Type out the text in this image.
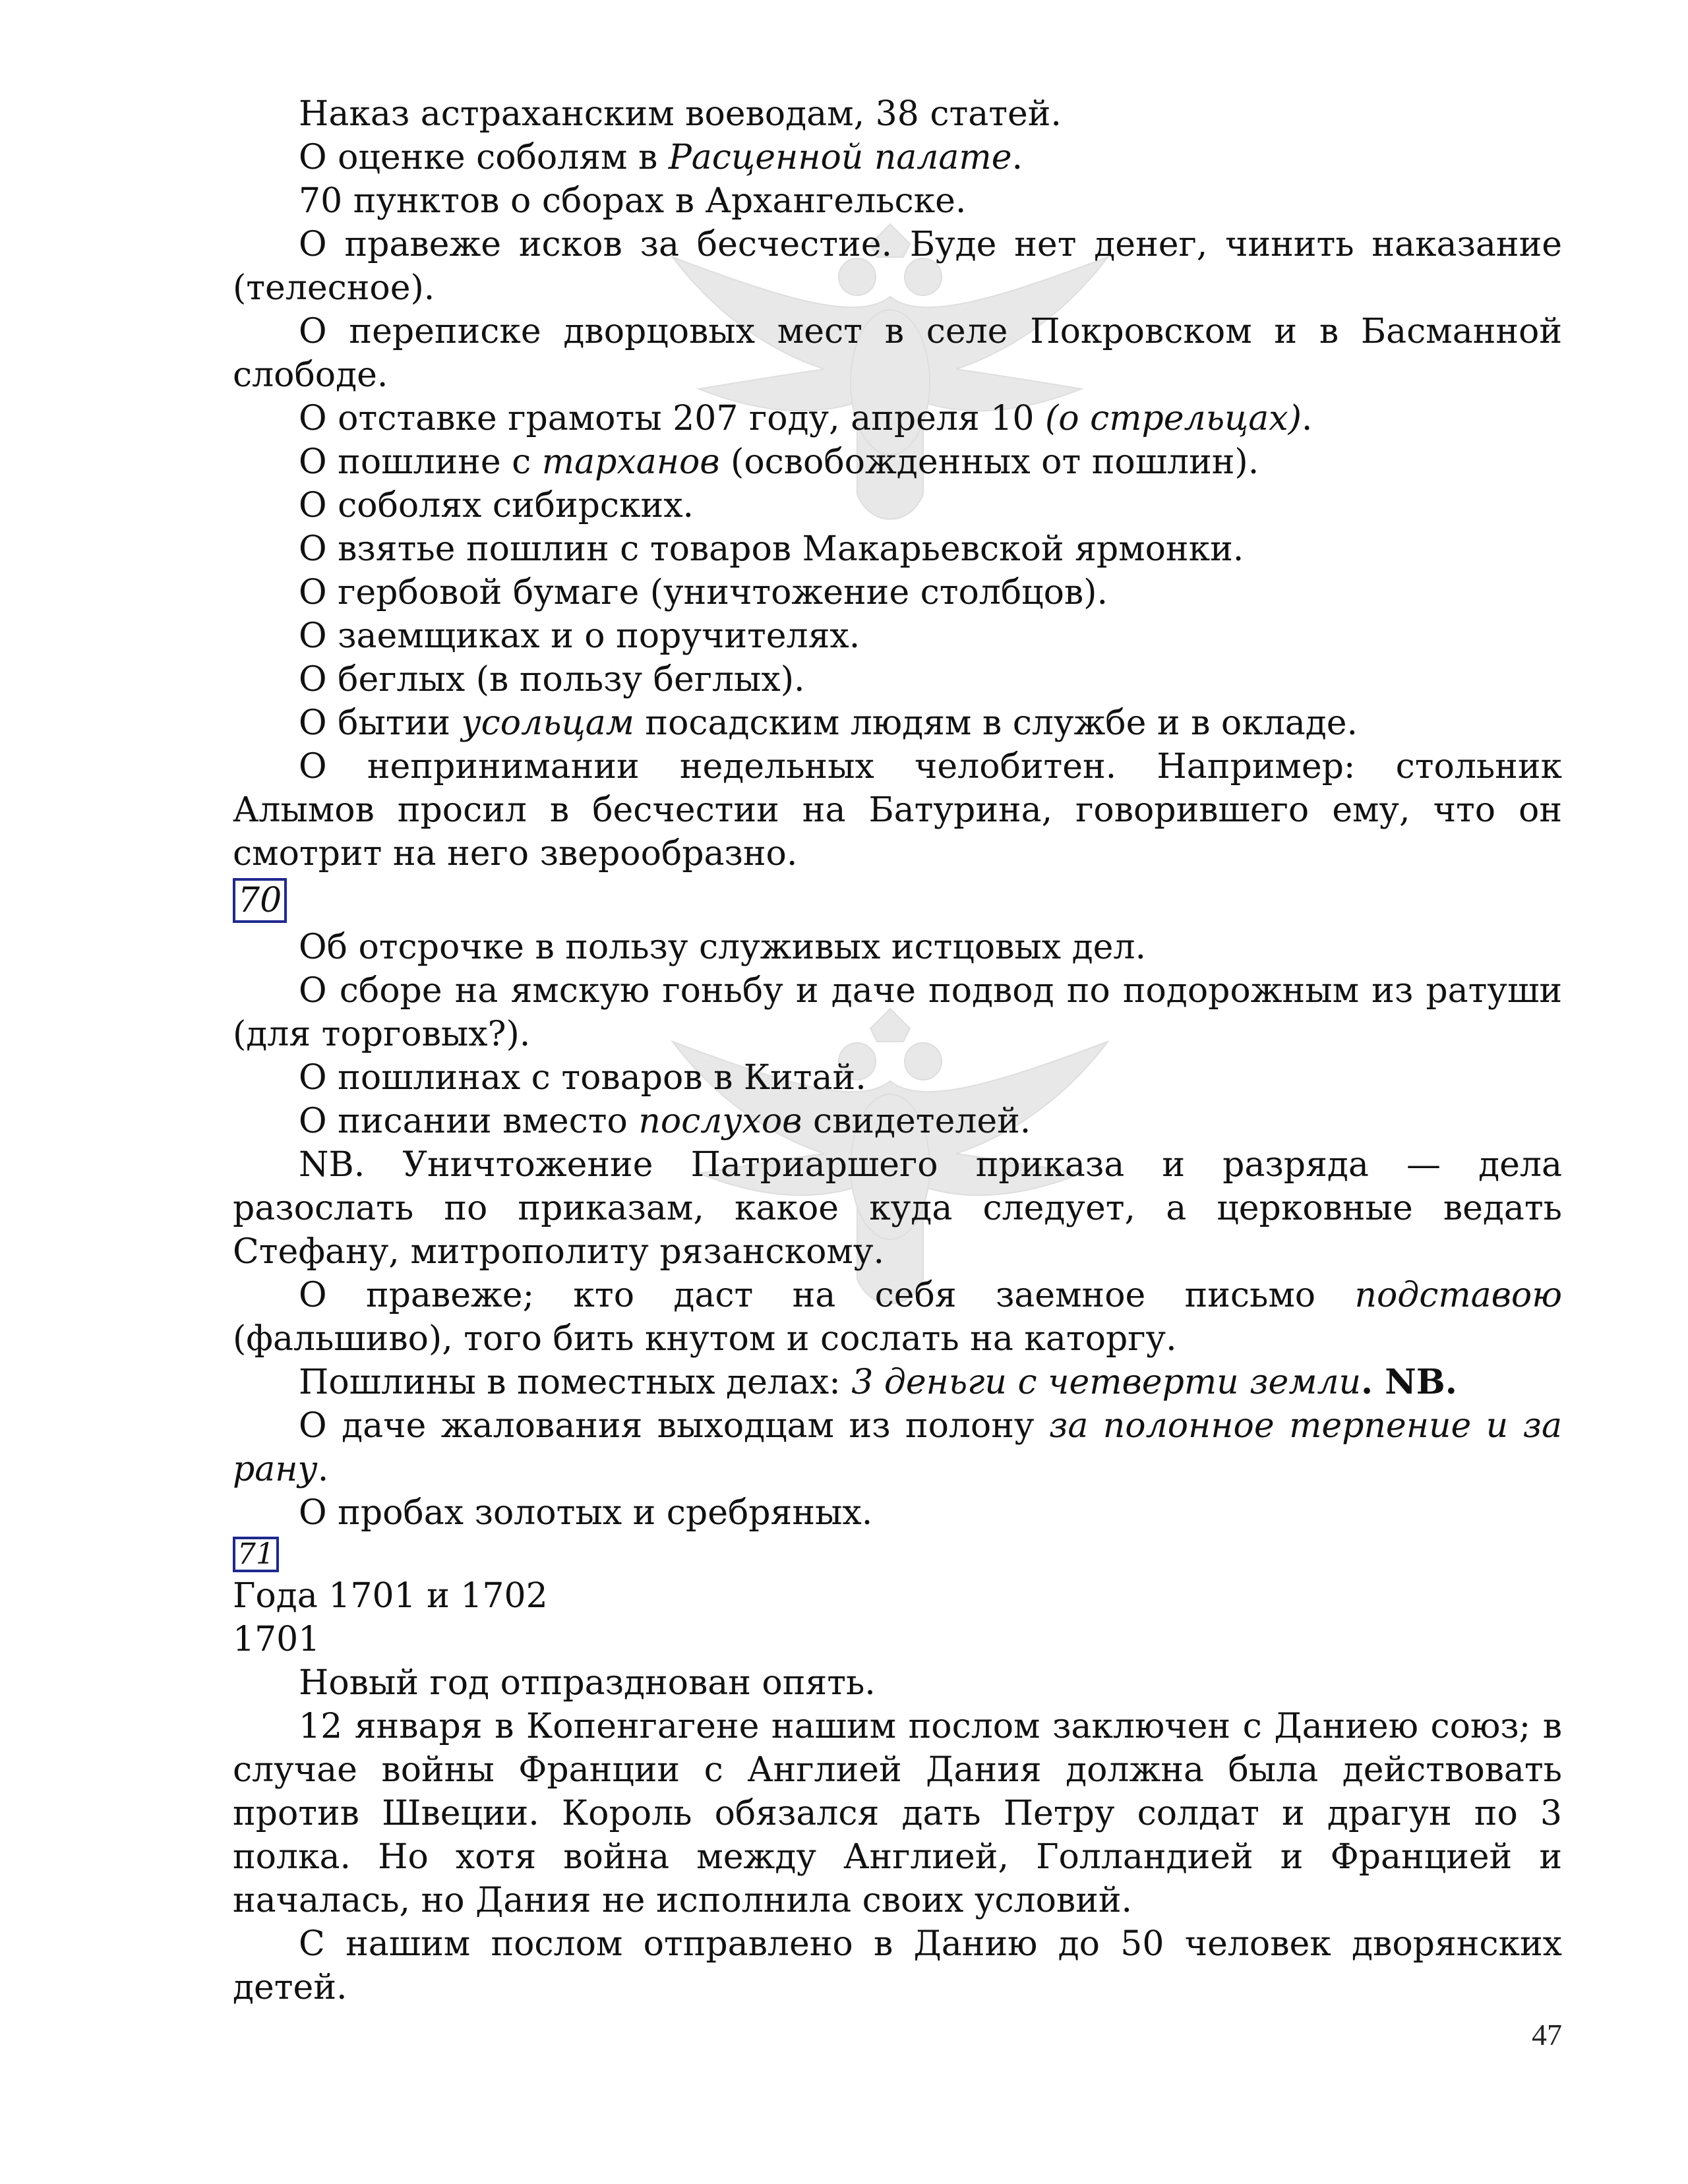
Наказ астраханским воеводам, 38 статей.

О оценке соболям в Расценной палате.

70 пунктов о сборах в Архангельске.

О правеже исков за бесчестие. Буде нет денег, чинить наказание (телесное).

О переписке дворцовых мест в селе Покровском и в Басманной слободе.

О отставке грамоты 207 году, апреля 10 (о стрельцах).

О пошлине с тарханов (освобожденных от пошлин).

О соболях сибирских.

О взятье пошлин с товаров Макарьевской ярмонки.

О гербовой бумаге (уничтожение столбцов).

О заемщиках и о поручителях.

О беглых (в пользу беглых).

О бытии усольцам посадским людям в службе и в окладе.

О непринимании недельных челобитен. Например: стольник Алымов просил в бесчестии на Батурина, говорившего ему, что он смотрит на него зверообразно.

70

Об отсрочке в пользу служивых истцовых дел.

О сборе на ямскую гоньбу и даче подвод по подорожным из ратуши (для торговых?).

О пошлинах с товаров в Китай.

О писании вместо послухов свидетелей.

NB. Уничтожение Патриаршего приказа и разряда — дела разослать по приказам, какое куда следует, а церковные ведать Стефану, митрополиту рязанскому.

О правеже; кто даст на себя заемное письмо подставою (фальшиво), того бить кнутом и сослать на каторгу.

Пошлины в поместных делах: 3 деньги с четверти земли. NB.

О даче жалования выходцам из полону за полонное терпение и за рану.

О пробах золотых и сребряных.

71

Года 1701 и 1702

1701

Новый год отпразднован опять.

12 января в Копенгагене нашим послом заключен с Даниею союз; в случае войны Франции с Англией Дания должна была действовать против Швеции. Король обязался дать Петру солдат и драгун по 3 полка. Но хотя война между Англией, Голландией и Францией и началась, но Дания не исполнила своих условий.

С нашим послом отправлено в Данию до 50 человек дворянских детей.

47
